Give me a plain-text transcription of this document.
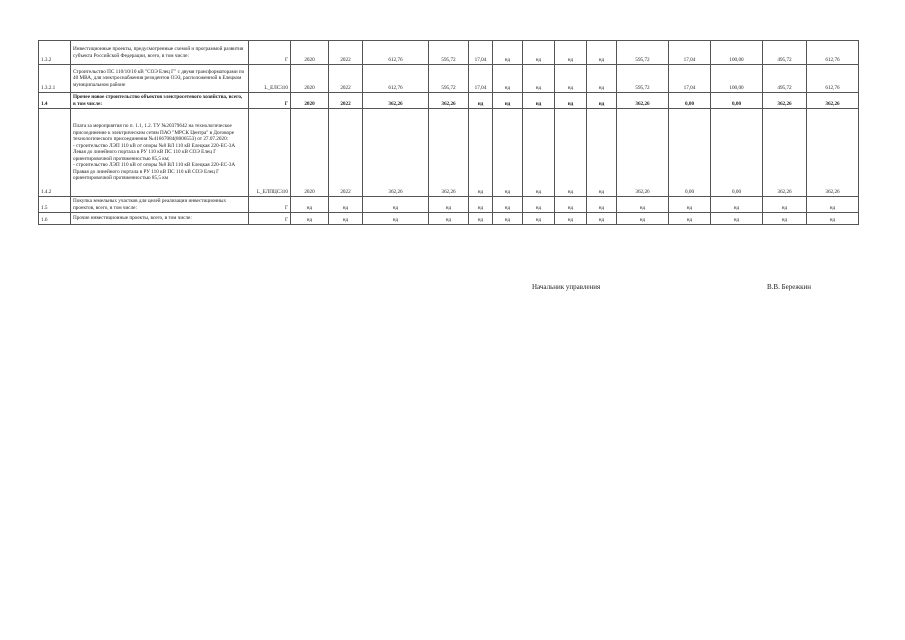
1.3.2	Инвестиционные проекты, предусмотренные схемой и программой развития субъекта Российской Федерации, всего, в том числе:	Г	2020	2022	612,76	595,72	17,04	нд	нд	нд	нд	595,72	17,04	100,00	495,72	612,76
1.3.2.1	Строительство ПС 110/10/10 кВ "СОЭ Елец Г" с двумя трансформаторами по 40 МВА, для электроснабжения резидентов ОЭЗ, расположенной в Елецком муниципальном районе	L_ЕЛС310	2020	2022	612,76	595,72	17,04	нд	нд	нд	нд	595,72	17,04	100,00	495,72	612,76
1.4	Прочее новое строительство объектов электросетевого хозяйства, всего, в том числе:	Г	2020	2022	362,26	362,26	нд	нд	нд	нд	нд	362,26	0,00	0,00	362,26	362,26
1.4.2	Плата за мероприятия по п. 1.1, 1.2. ТУ №20379642 на технологическое присоединение к электрическим сетям ПАО "МРСК Центра" в Договоре технологического присоединения №41667084(8006553) от 27.07.2020:
- строительство ЛЭП 110 кВ от опоры №8 ВЛ 110 кВ Елецкая 220-ЕС-3А Левая до линейного портала в РУ 110 кВ ПС 110 кВ СОЭ Елец Г ориентировочной протяженностью 85,5 км;
- строительство ЛЭП 110 кВ от опоры №8 ВЛ 110 кВ Елецкая 220-ЕС-3А Правая до линейного портала в РУ 110 кВ ПС 110 кВ СОЭ Елец Г ориентировочной протяженностью 85,5 км	L_ЕЛПЦС310	2020	2022	362,26	362,26	нд	нд	нд	нд	нд	362,26	0,00	0,00	362,26	362,26
1.5	Покупка земельных участков для целей реализации инвестиционных проектов, всего, в том числе:	Г	нд	нд	нд	нд	нд	нд	нд	нд	нд	нд	нд	нд	нд	нд
1.6	Прочие инвестиционные проекты, всего, в том числе:	Г	нд	нд	нд	нд	нд	нд	нд	нд	нд	нд	нд	нд	нд	нд
Начальник управления	В.В. Бережкин
